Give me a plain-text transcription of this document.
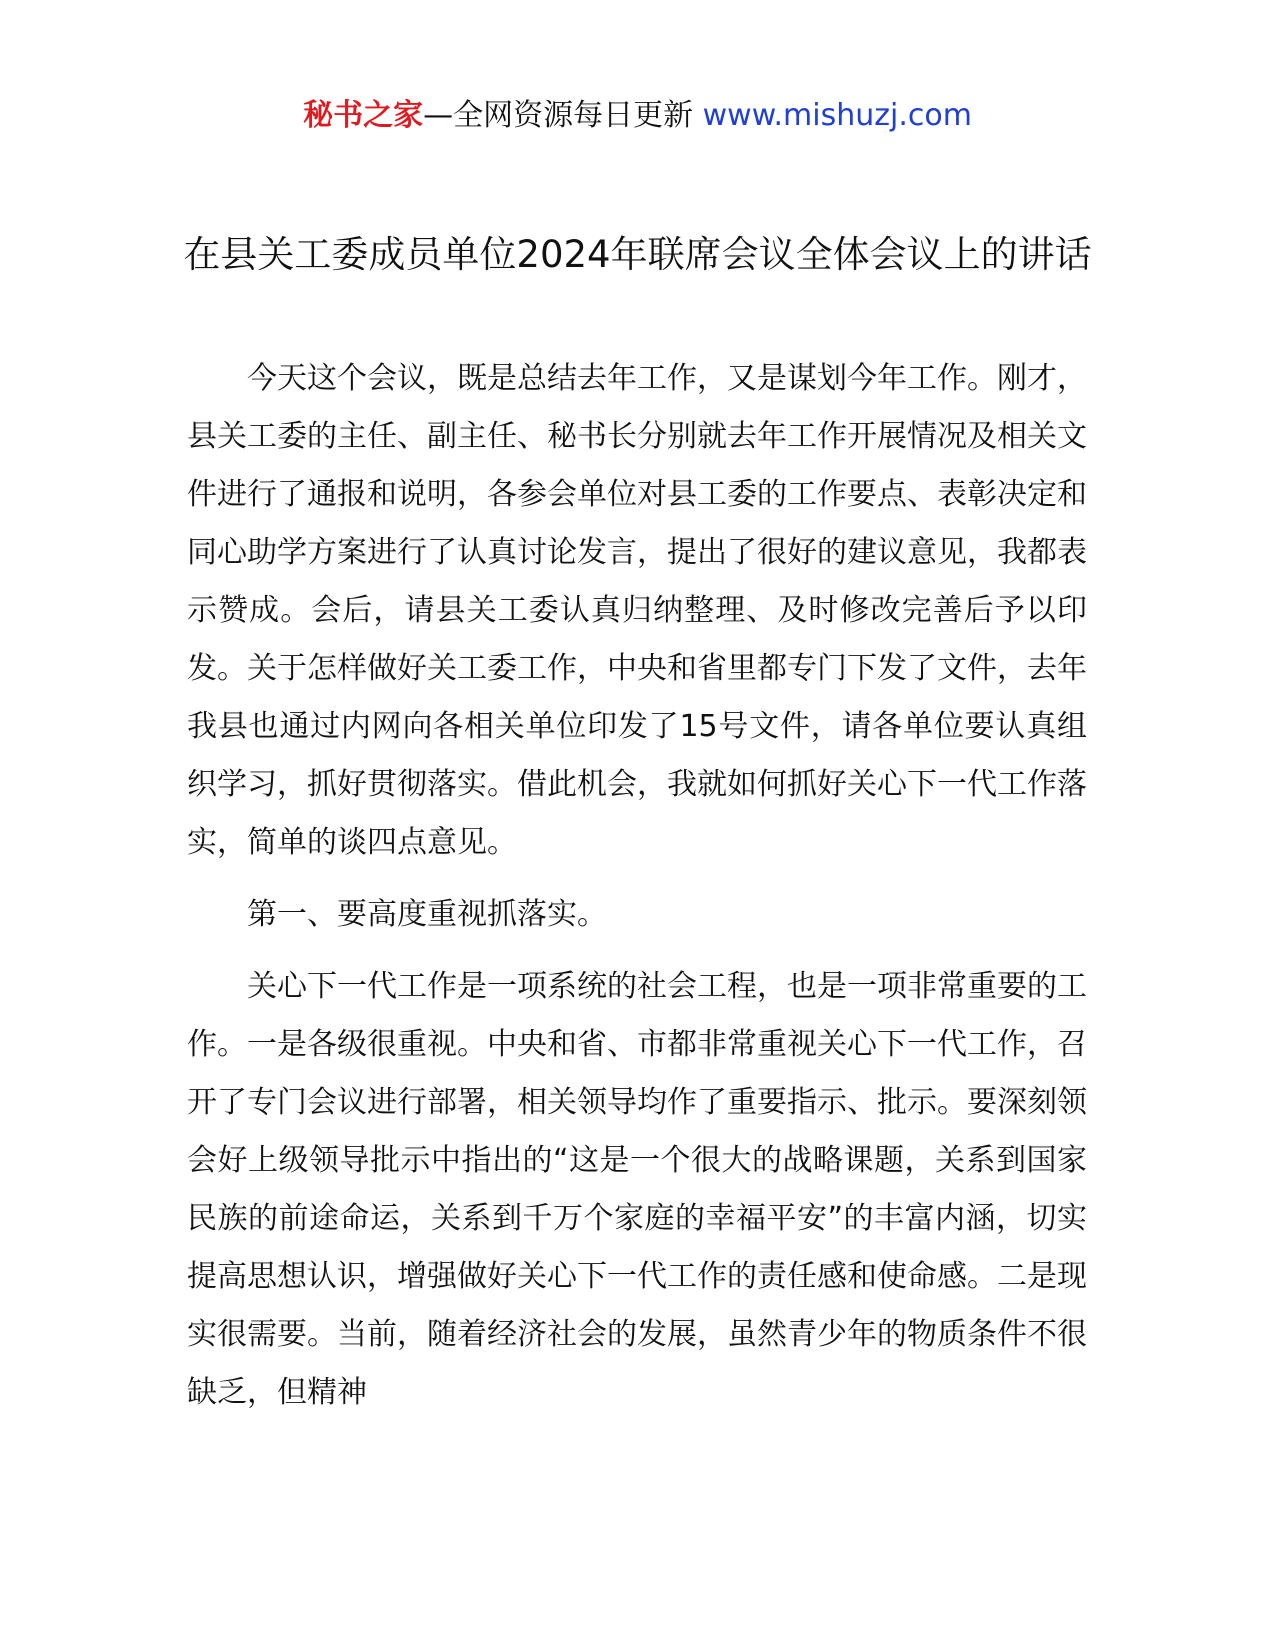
秘书之家—全网资源每日更新 www.mishuzj.com
在县关工委成员单位2024年联席会议全体会议上的讲话

今天这个会议，既是总结去年工作，又是谋划今年工作。刚才，县关工委的主任、副主任、秘书长分别就去年工作开展情况及相关文件进行了通报和说明，各参会单位对县工委的工作要点、表彰决定和同心助学方案进行了认真讨论发言，提出了很好的建议意见，我都表示赞成。会后，请县关工委认真归纳整理、及时修改完善后予以印发。关于怎样做好关工委工作，中央和省里都专门下发了文件，去年我县也通过内网向各相关单位印发了15号文件，请各单位要认真组织学习，抓好贯彻落实。借此机会，我就如何抓好关心下一代工作落实，简单的谈四点意见。

第一、要高度重视抓落实。

关心下一代工作是一项系统的社会工程，也是一项非常重要的工作。一是各级很重视。中央和省、市都非常重视关心下一代工作，召开了专门会议进行部署，相关领导均作了重要指示、批示。要深刻领会好上级领导批示中指出的“这是一个很大的战略课题，关系到国家民族的前途命运，关系到千万个家庭的幸福平安”的丰富内涵，切实提高思想认识，增强做好关心下一代工作的责任感和使命感。二是现实很需要。当前，随着经济社会的发展，虽然青少年的物质条件不很缺乏，但精神
